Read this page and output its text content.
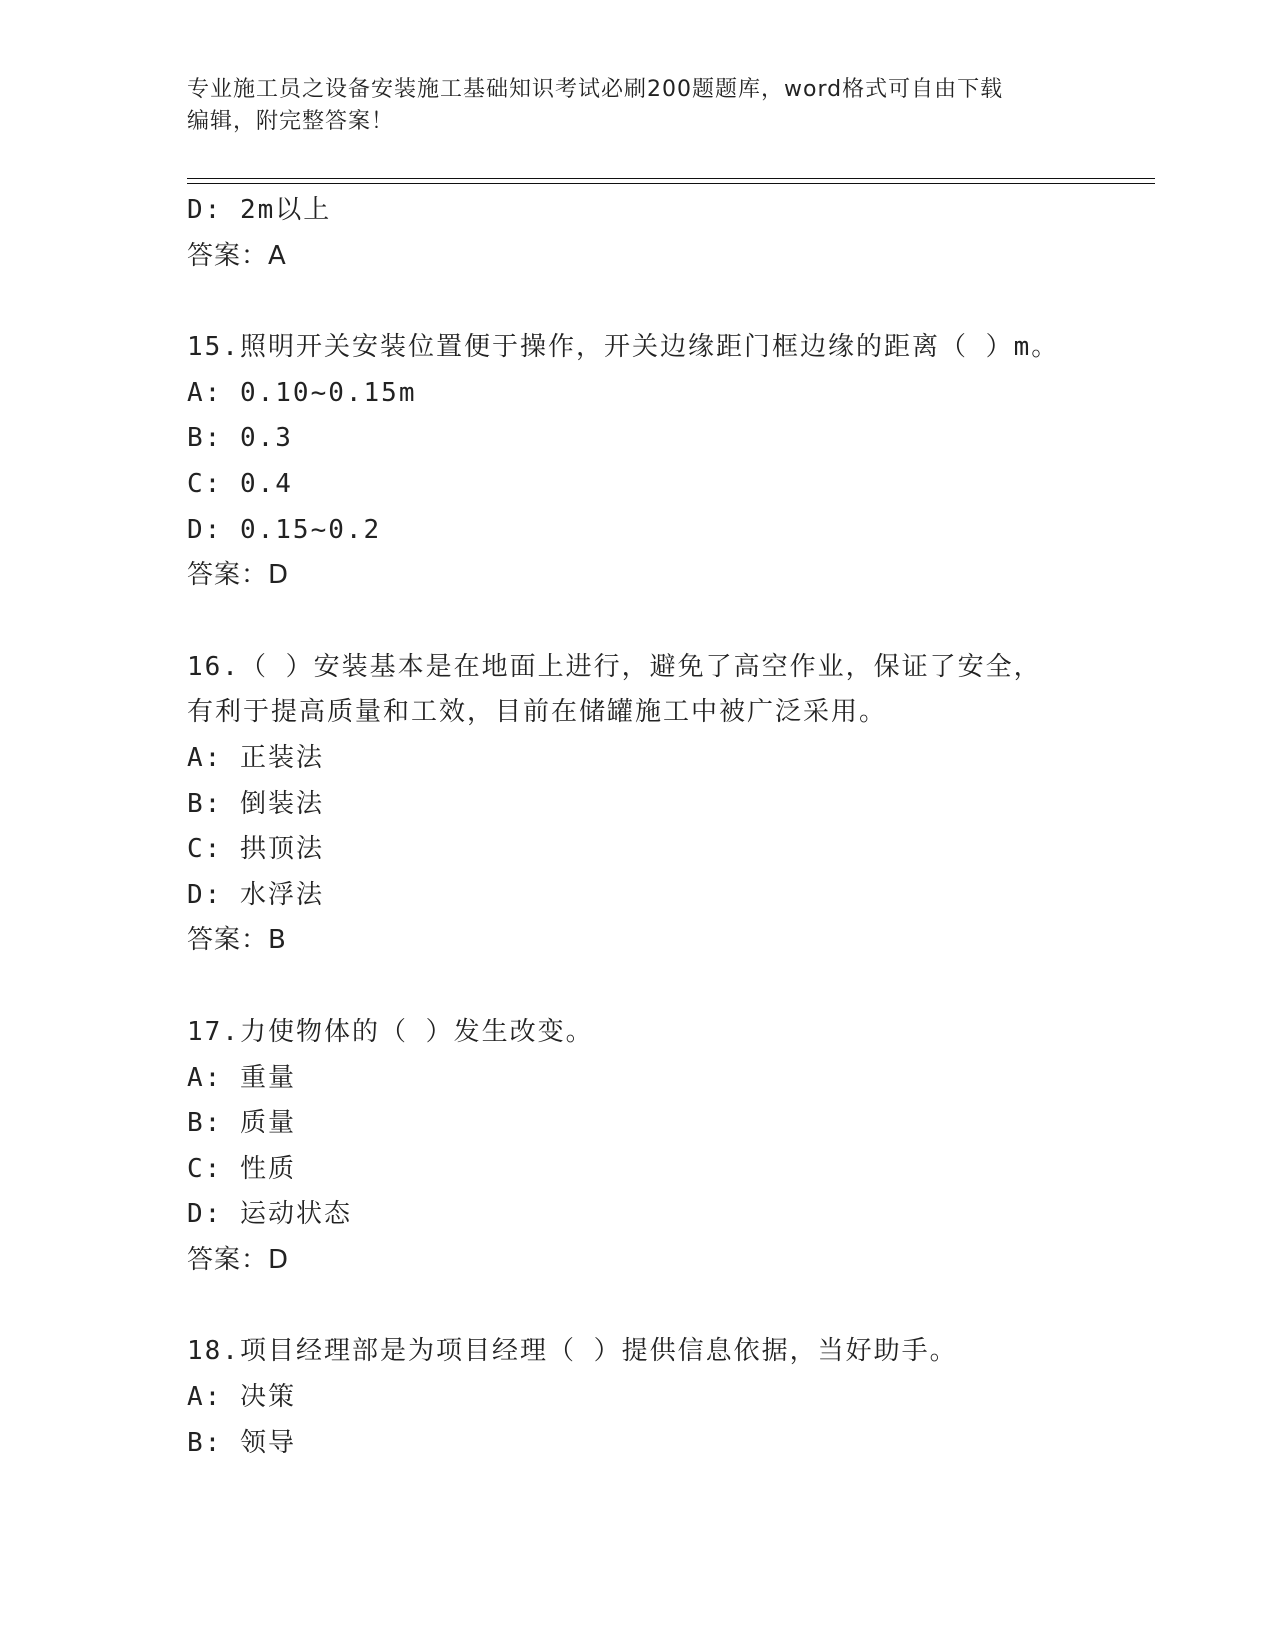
专业施工员之设备安装施工基础知识考试必刷200题题库，word格式可自由下载
编辑，附完整答案！
D: 2m以上
答案：A
15.照明开关安装位置便于操作，开关边缘距门框边缘的距离（ ）m。
A: 0.10~0.15m
B: 0.3
C: 0.4
D: 0.15~0.2
答案：D
16.（ ）安装基本是在地面上进行，避免了高空作业，保证了安全，
有利于提高质量和工效，目前在储罐施工中被广泛采用。
A: 正装法
B: 倒装法
C: 拱顶法
D: 水浮法
答案：B
17.力使物体的（ ）发生改变。
A: 重量
B: 质量
C: 性质
D: 运动状态
答案：D
18.项目经理部是为项目经理（ ）提供信息依据，当好助手。
A: 决策
B: 领导
